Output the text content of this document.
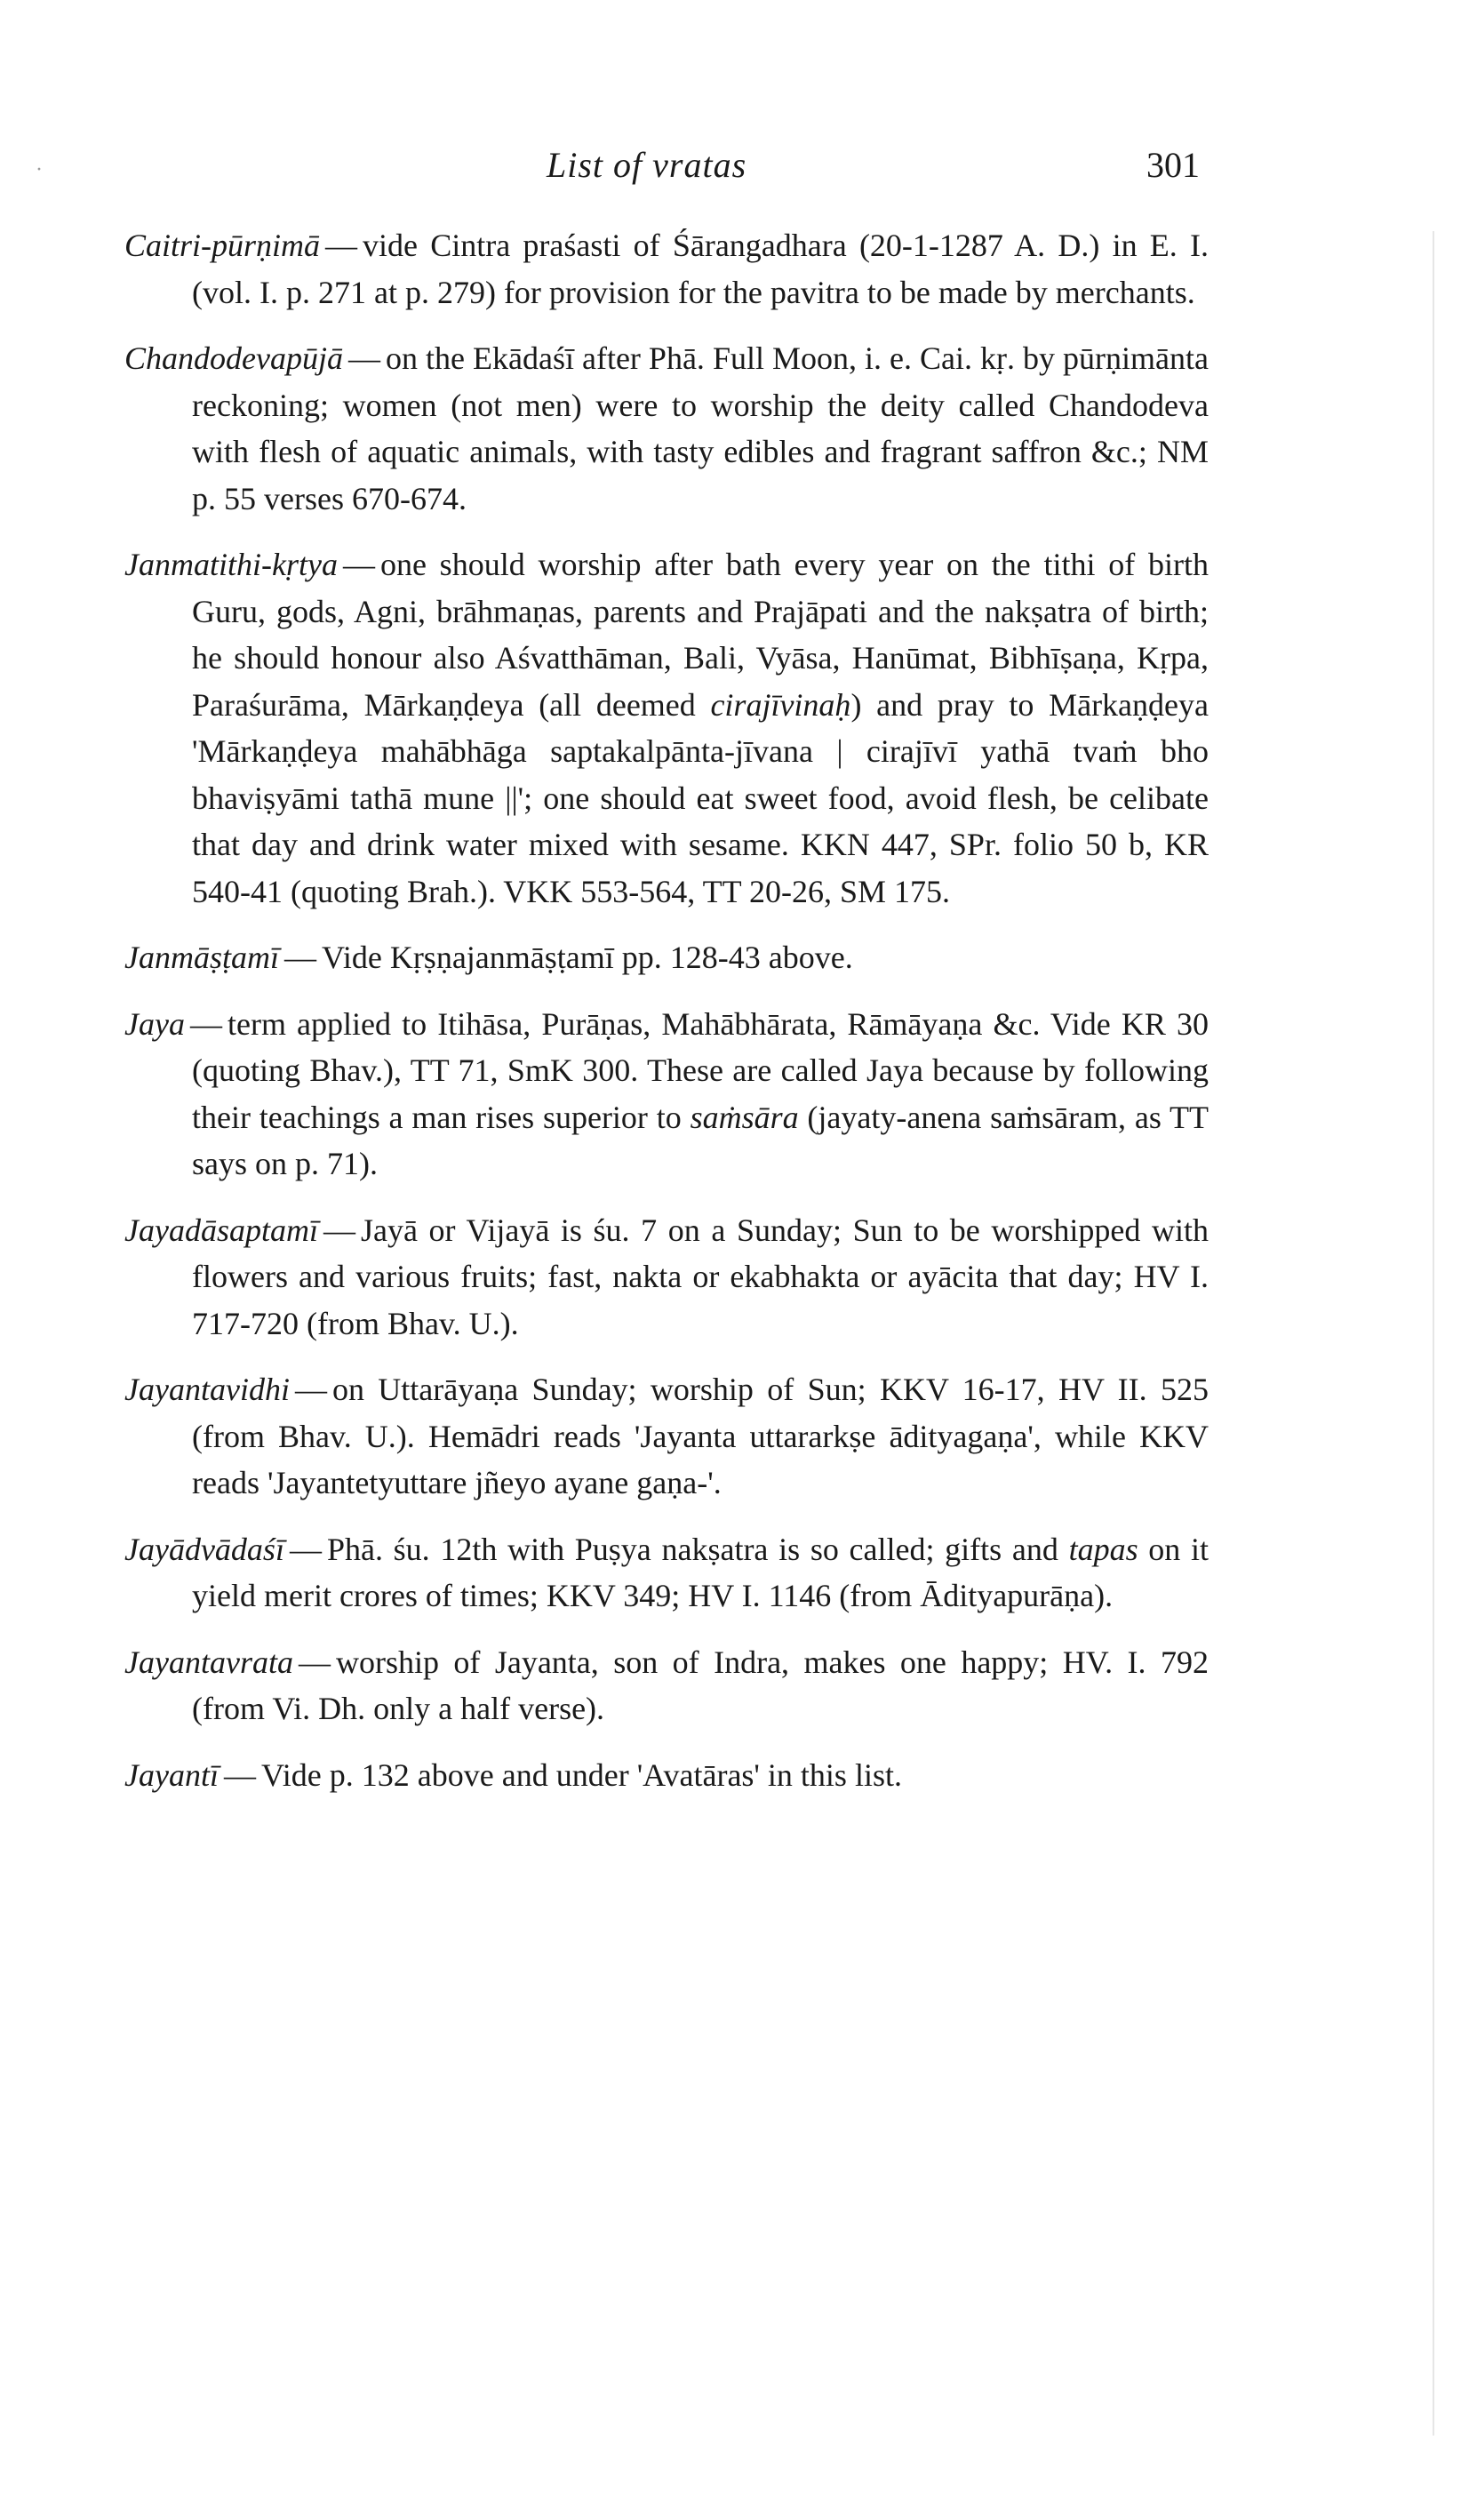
·	List of vratas	301

Caitri-pūrṇimā — vide Cintra praśasti of Śārangadhara (20-1-1287 A. D.) in E. I. (vol. I. p. 271 at p. 279) for provision for the pavitra to be made by merchants.

Chandodevapūjā — on the Ekādaśī after Phā. Full Moon, i. e. Cai. kṛ. by pūrṇimānta reckoning; women (not men) were to worship the deity called Chandodeva with flesh of aquatic animals, with tasty edibles and fragrant saffron &c.; NM p. 55 verses 670-674.

Janmatithi-kṛtya — one should worship after bath every year on the tithi of birth Guru, gods, Agni, brāhmaṇas, parents and Prajāpati and the nakṣatra of birth; he should honour also Aśvatthāman, Bali, Vyāsa, Hanūmat, Bibhīṣaṇa, Kṛpa, Paraśurāma, Mārkaṇḍeya (all deemed cirajīvinaḥ) and pray to Mārkaṇḍeya 'Mārkaṇḍeya mahābhāga saptakalpānta-jīvana | cirajīvī yathā tvaṁ bho bhaviṣyāmi tathā mune ||'; one should eat sweet food, avoid flesh, be celibate that day and drink water mixed with sesame. KKN 447, SPr. folio 50 b, KR 540-41 (quoting Brah.). VKK 553-564, TT 20-26, SM 175.

Janmāṣṭamī — Vide Kṛṣṇajanmāṣṭamī pp. 128-43 above.

Jaya — term applied to Itihāsa, Purāṇas, Mahābhārata, Rāmāyaṇa &c. Vide KR 30 (quoting Bhav.), TT 71, SmK 300. These are called Jaya because by following their teachings a man rises superior to saṁsāra (jayaty-anena saṁsāram, as TT says on p. 71).

Jayadāsaptamī — Jayā or Vijayā is śu. 7 on a Sunday; Sun to be worshipped with flowers and various fruits; fast, nakta or ekabhakta or ayācita that day; HV I. 717-720 (from Bhav. U.).

Jayantavidhi — on Uttarāyaṇa Sunday; worship of Sun; KKV 16-17, HV II. 525 (from Bhav. U.). Hemādri reads 'Jayanta uttararkṣe ādityagaṇa', while KKV reads 'Jayantetyuttare jñeyo ayane gaṇa-'.

Jayādvādaśī — Phā. śu. 12th with Puṣya nakṣatra is so called; gifts and tapas on it yield merit crores of times; KKV 349; HV I. 1146 (from Ādityapurāṇa).

Jayantavrata — worship of Jayanta, son of Indra, makes one happy; HV. I. 792 (from Vi. Dh. only a half verse).

Jayantī — Vide p. 132 above and under 'Avatāras' in this list.
